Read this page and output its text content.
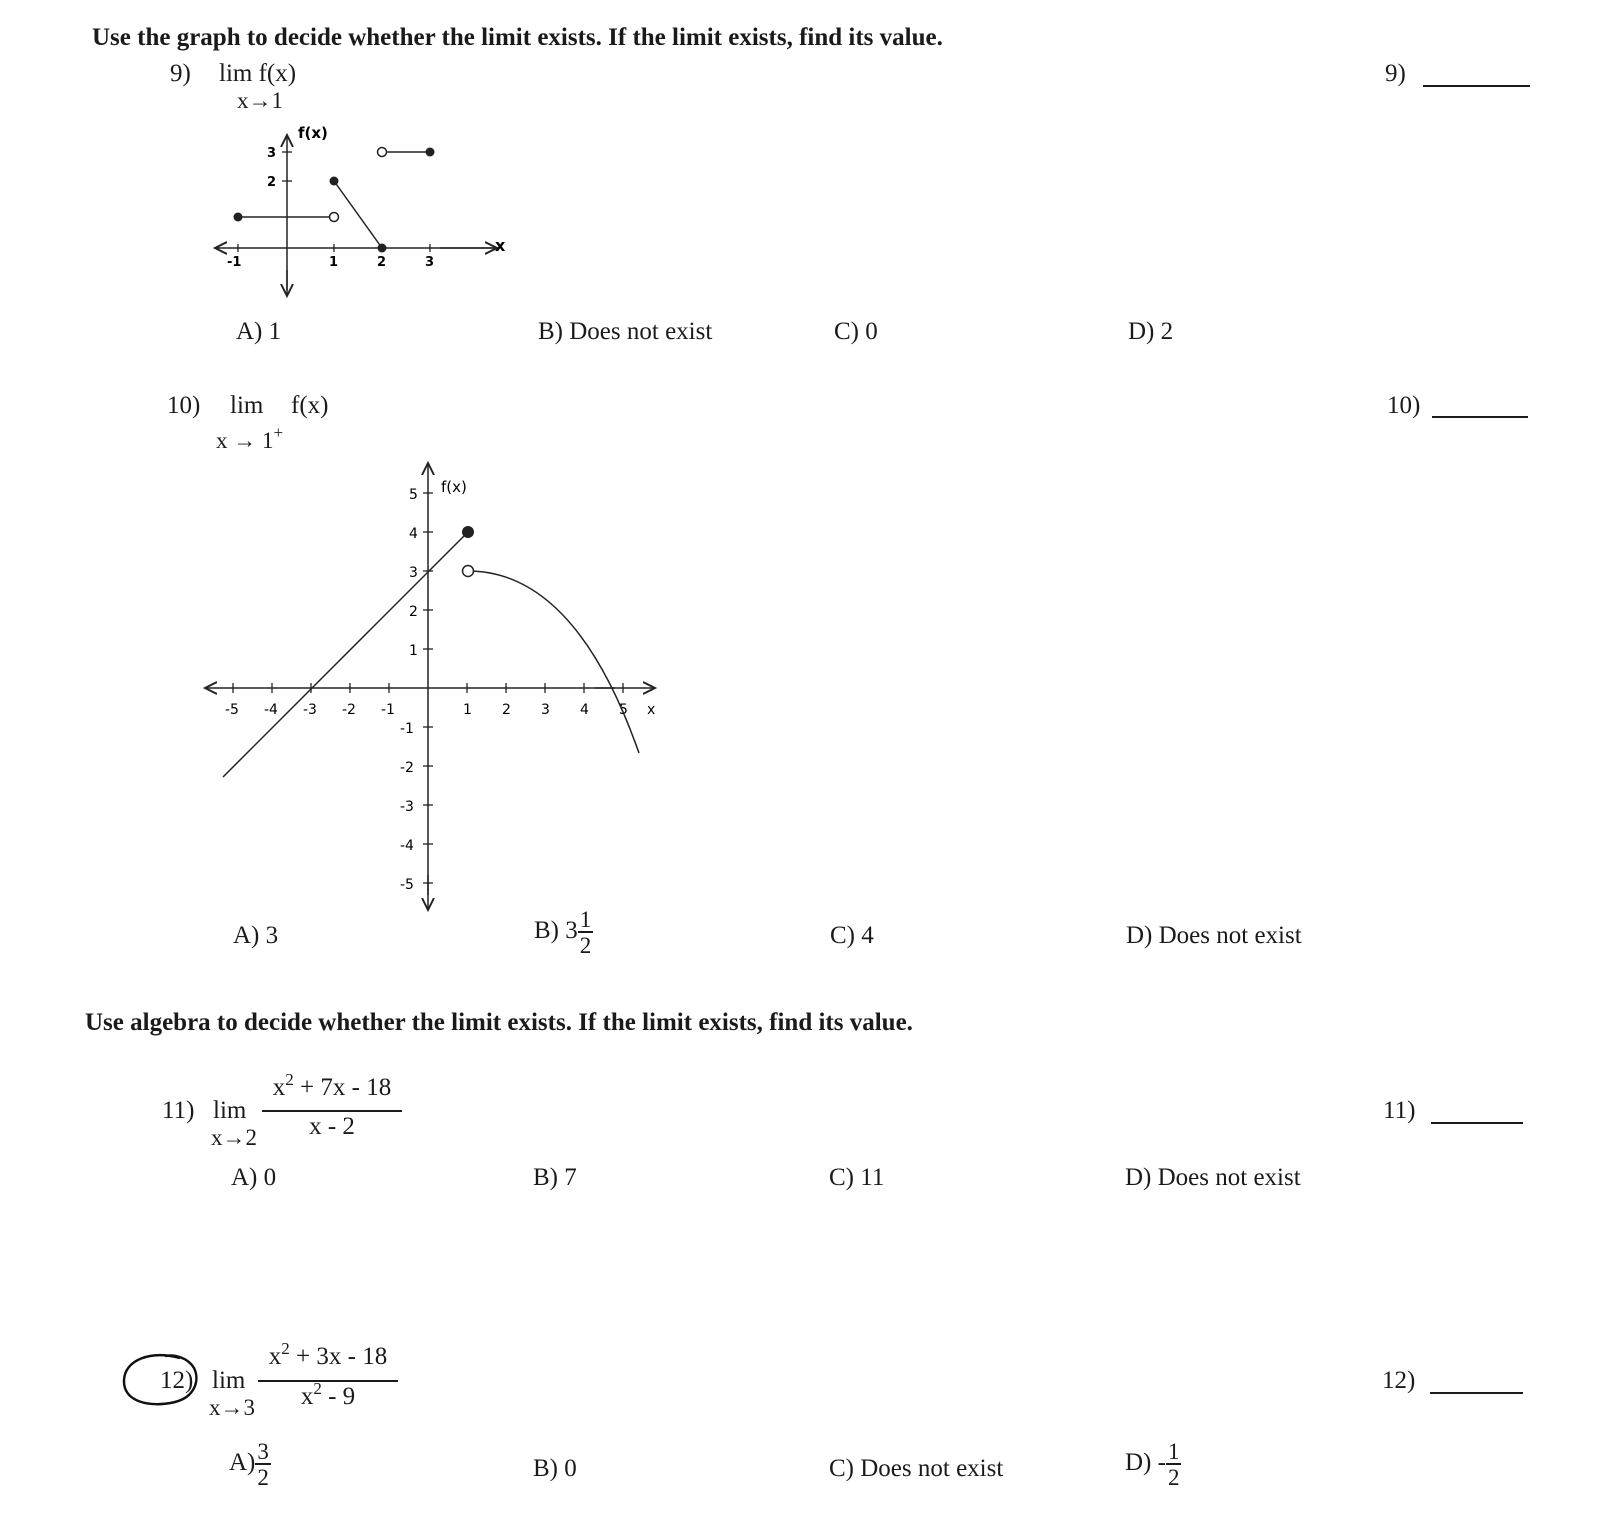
Use the graph to decide whether the limit exists. If the limit exists, find its value.
9) lim f(x)
x→1
9)
f(x)
x
2
3
-1	1	2	3
A) 1	B) Does not exist	C) 0	D) 2
10) lim f(x)
x → 1+
10)
f(x)
x
-5 -4 -3 -2 -1	1 2 3 4 5
5
4
3
2
1
-1
-2
-3
-4
-5
A) 3	B) $3 \frac{1}{2}$	C) 4	D) Does not exist
Use algebra to decide whether the limit exists. If the limit exists, find its value.
11) lim
x→2
$x^2 + 7x - 18$
x - 2
11)
A) 0	B) 7	C) 11	D) Does not exist
12) lim
x→3
$x^2 + 3x - 18$
$x^2 - 9$
12)
$A) \frac{3}{2}$	B) 0	C) Does not exist	$D) - \frac{1}{2}$
